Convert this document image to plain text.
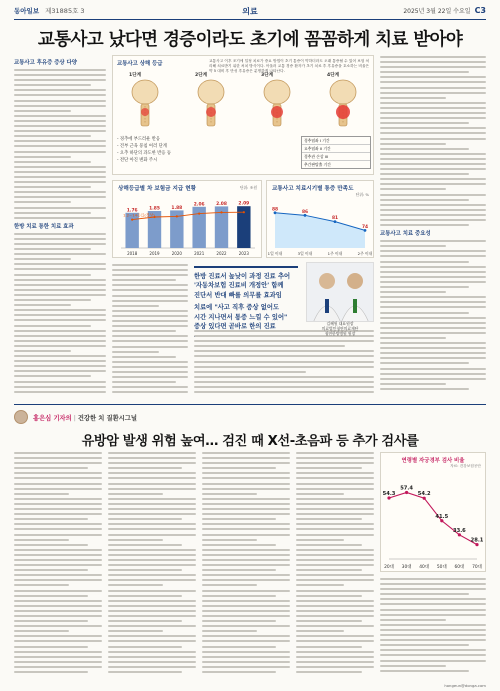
동아일보 제31885호 3	의료	2025년 3월 22일 수요일 C3
교통사고 났다면 경증이라도 초기에 꼼꼼하게 치료 받아야
교통사고 후유증 증상 다양
한방 치료 통한 치료 효과
교통사고 상해 등급	교통사고 이후 조기에 일정 치료가 중요 방법이 초기 통증이 약하더라도 오래 통증될 수 있어 보험 처리해 치료받기 위한 처치 방식이다. 아울러 교통 경증 환자가 초기 치료 후 후유증을 호소하는 비율은 약 5 대비 후 만성 후유증은 분명하게 나타난다.
1단계	2단계	3단계	4단계
- 경추에 부드러운 반응
- 견부 근육 뭉침 여러 단계
- 요추 하단의 과도한 반응 등
- 전단 아진 변화 주시
경추염좌 I 기간
요추염좌 II 기간
경추관 손상 III
추간판탈출 기간
교통사고 치료 중요성
상해등급별 차 보험금 지급 현황	단위: 조원
1.76
2018
1.85
2019
1.88
2020
2.06
2021
2.08
2022
2.09
2023
1.2~14등급(경상)
교통사고 치료시기별 통증 만족도
단위: %
88
1일 이내
86
3일 이내
81
1주 이내
74
2주 이내
한방 진료서 높낮이 과정 진료 추어
'자동차보험 진료비 개정안' 함께
진단서 반대 빠를 의무를 효과임
치료에 "사고 직후 증상 없어도
시간 지나면서 통증 느낄 수 있어"
증상 있다면 곧바로 한의 진료	김혜원 대표원장
의료법인청연의료재단
청연한방병원 원장
홍은심 기자의 | 건강한 치 질환시그널
유방암 발생 위험 높여… 검진 때 X선-초음파 등 추가 검사를
연령별 자궁경부 검사 비율
자료: 건강보험공단
54.3
20대
57.4
30대
54.2
40대
41.5
50대
33.6
60대
28.1
70대
hongeun@donga.com
